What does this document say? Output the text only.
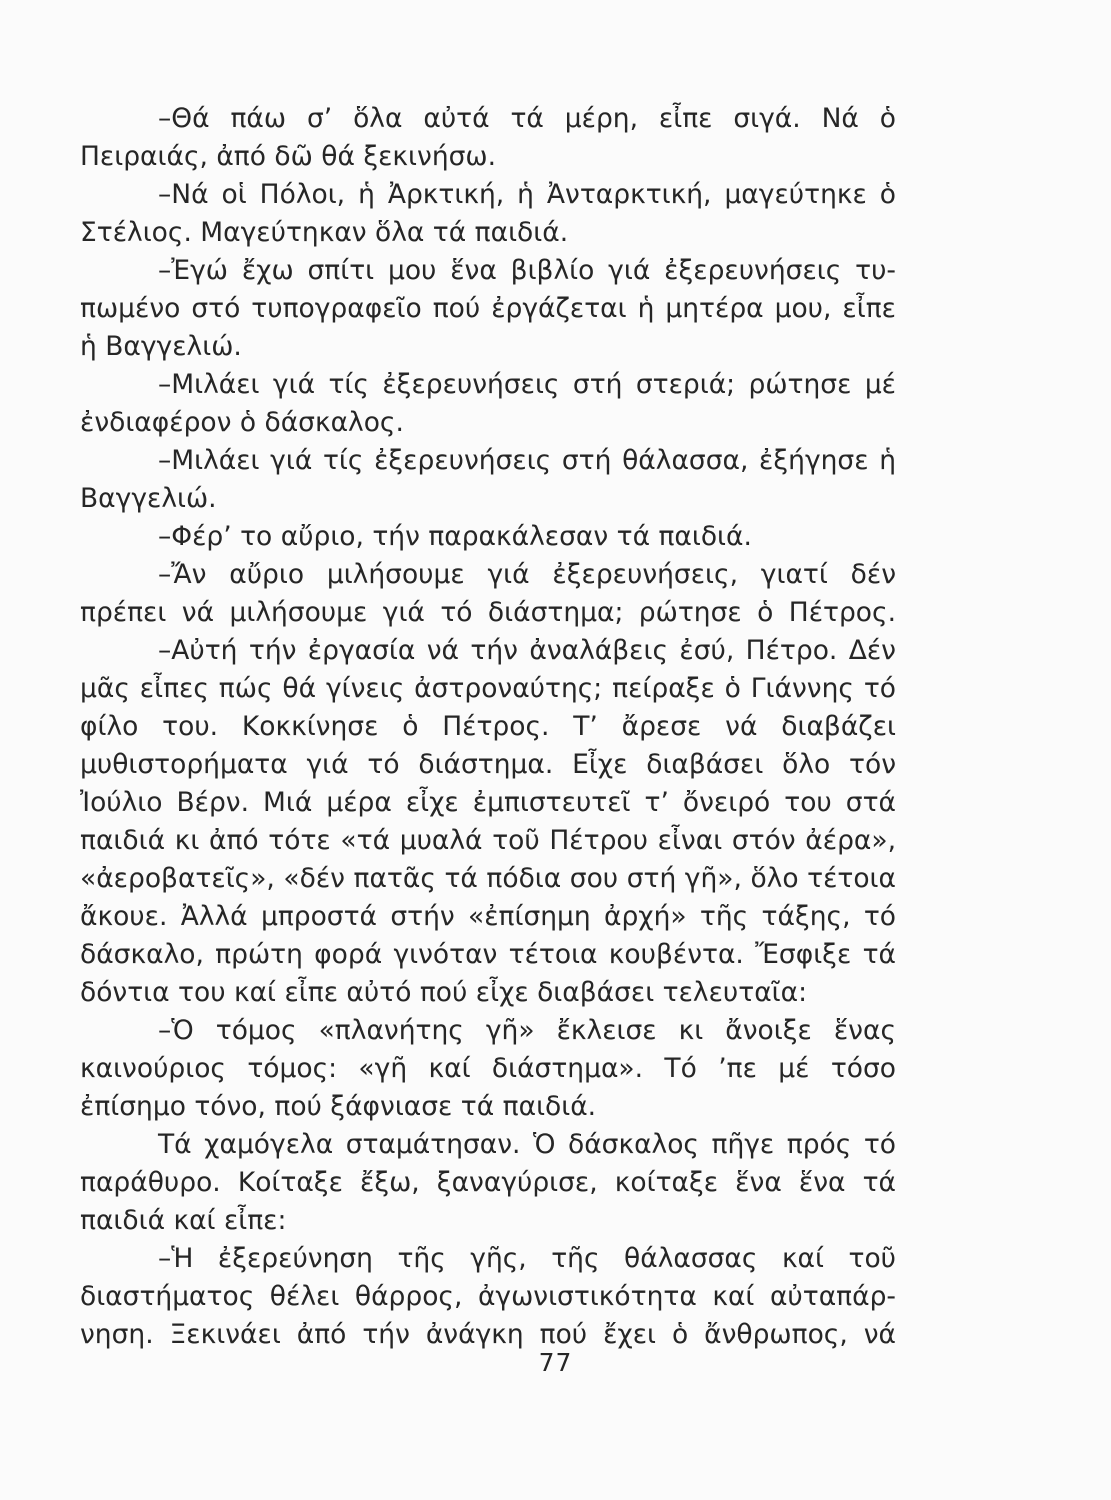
–Θά πάω σ’ ὅλα αὐτά τά μέρη, εἶπε σιγά. Νά ὁ
Πειραιάς, ἀπό δῶ θά ξεκινήσω.
–Νά οἱ Πόλοι, ἡ Ἀρκτική, ἡ Ἀνταρκτική, μαγεύτηκε ὁ
Στέλιος. Μαγεύτηκαν ὅλα τά παιδιά.
–Ἐγώ ἔχω σπίτι μου ἕνα βιβλίο γιά ἐξερευνήσεις τυ-
πωμένο στό τυπογραφεῖο πού ἐργάζεται ἡ μητέρα μου, εἶπε
ἡ Βαγγελιώ.
–Μιλάει γιά τίς ἐξερευνήσεις στή στεριά; ρώτησε μέ
ἐνδιαφέρον ὁ δάσκαλος.
–Μιλάει γιά τίς ἐξερευνήσεις στή θάλασσα, ἐξήγησε ἡ
Βαγγελιώ.
–Φέρ’ το αὔριο, τήν παρακάλεσαν τά παιδιά.
–Ἄν αὔριο μιλήσουμε γιά ἐξερευνήσεις, γιατί δέν
πρέπει νά μιλήσουμε γιά τό διάστημα; ρώτησε ὁ Πέτρος.
–Αὐτή τήν ἐργασία νά τήν ἀναλάβεις ἐσύ, Πέτρο. Δέν
μᾶς εἶπες πώς θά γίνεις ἀστροναύτης; πείραξε ὁ Γιάννης τό
φίλο του. Κοκκίνησε ὁ Πέτρος. Τ’ ἄρεσε νά διαβάζει
μυθιστορήματα γιά τό διάστημα. Εἶχε διαβάσει ὅλο τόν
Ἰούλιο Βέρν. Μιά μέρα εἶχε ἐμπιστευτεῖ τ’ ὄνειρό του στά
παιδιά κι ἀπό τότε «τά μυαλά τοῦ Πέτρου εἶναι στόν ἀέρα»,
«ἀεροβατεῖς», «δέν πατᾶς τά πόδια σου στή γῆ», ὅλο τέτοια
ἄκουε. Ἀλλά μπροστά στήν «ἐπίσημη ἀρχή» τῆς τάξης, τό
δάσκαλο, πρώτη φορά γινόταν τέτοια κουβέντα. Ἔσφιξε τά
δόντια του καί εἶπε αὐτό πού εἶχε διαβάσει τελευταῖα:
–Ὁ τόμος «πλανήτης γῆ» ἔκλεισε κι ἄνοιξε ἕνας
καινούριος τόμος: «γῆ καί διάστημα». Τό ’πε μέ τόσο
ἐπίσημο τόνο, πού ξάφνιασε τά παιδιά.
Τά χαμόγελα σταμάτησαν. Ὁ δάσκαλος πῆγε πρός τό
παράθυρο. Κοίταξε ἔξω, ξαναγύρισε, κοίταξε ἕνα ἕνα τά
παιδιά καί εἶπε:
–Ἡ ἐξερεύνηση τῆς γῆς, τῆς θάλασσας καί τοῦ
διαστήματος θέλει θάρρος, ἀγωνιστικότητα καί αὐταπάρ-
νηση. Ξεκινάει ἀπό τήν ἀνάγκη πού ἔχει ὁ ἄνθρωπος, νά
77
